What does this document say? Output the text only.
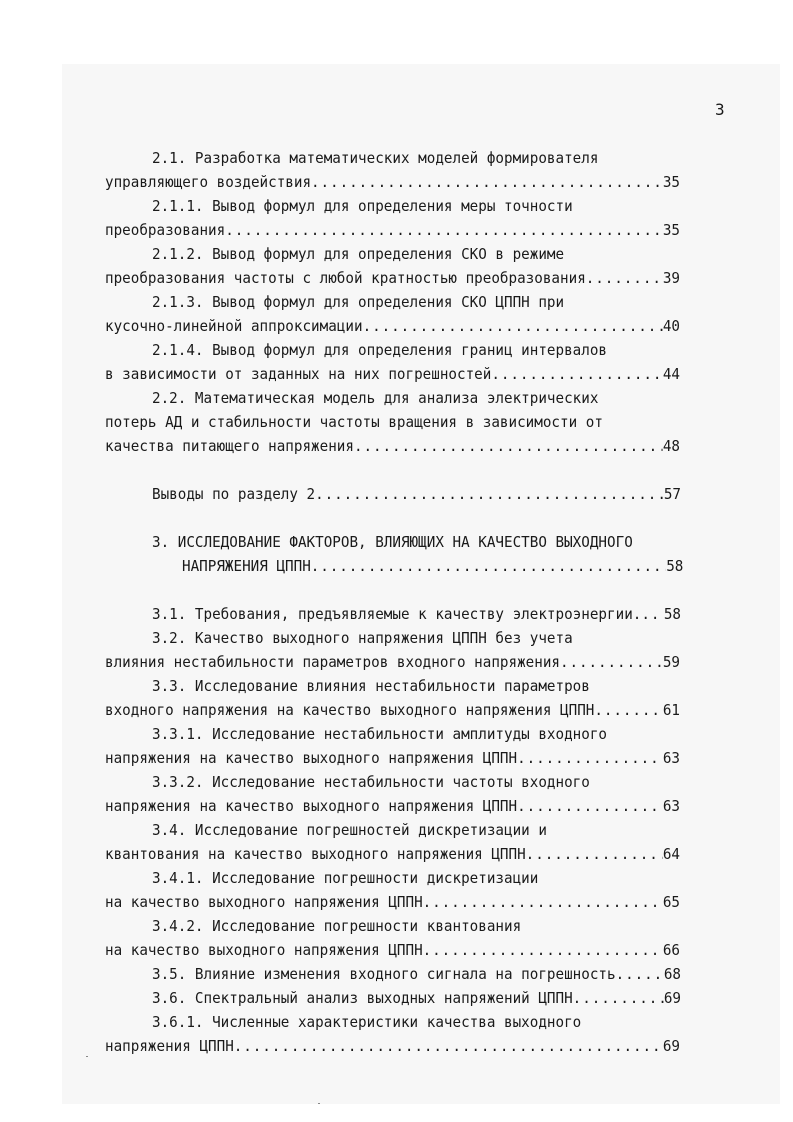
3
2.1. Разработка математических моделей формирователя
управляющего воздействия .....	35
2.1.1. Вывод формул для определения меры точности
преобразования .....	35
2.1.2. Вывод формул для определения СКО в режиме
преобразования частоты с любой кратностью преобразования .....	39
2.1.3. Вывод формул для определения СКО ЦППН при
кусочно-линейной аппроксимации .....	40
2.1.4. Вывод формул для определения границ интервалов
в зависимости от заданных на них погрешностей .....	44
2.2. Математическая модель для анализа электрических
потерь АД и стабильности частоты вращения в зависимости от
качества питающего напряжения .....	48
Выводы по разделу 2 .....	57
3. ИССЛЕДОВАНИЕ ФАКТОРОВ, ВЛИЯЮЩИХ НА КАЧЕСТВО ВЫХОДНОГО
НАПРЯЖЕНИЯ ЦППН .....	58
3.1. Требования, предъявляемые к качеству электроэнергии. ..... 58
3.2. Качество выходного напряжения ЦППН без учета
влияния нестабильности параметров входного напряжения .....	59
3.3. Исследование влияния нестабильности параметров
входного напряжения на качество выходного напряжения ЦППН .....	61
3.3.1. Исследование нестабильности амплитуды входного
напряжения на качество выходного напряжения ЦППН .....	63
3.3.2. Исследование нестабильности частоты входного
напряжения на качество выходного напряжения ЦППН .....	63
3.4. Исследование погрешностей дискретизации и
квантования на качество выходного напряжения ЦППН .....	64
3.4.1. Исследование погрешности дискретизации
на качество выходного напряжения ЦППН .....	65
3.4.2. Исследование погрешности квантования
на качество выходного напряжения ЦППН .....	66
3.5. Влияние изменения входного сигнала на погрешность .....	68
3.6. Спектральный анализ выходных напряжений ЦППН .....	69
3.6.1. Численные характеристики качества выходного
напряжения ЦППН .....	69
